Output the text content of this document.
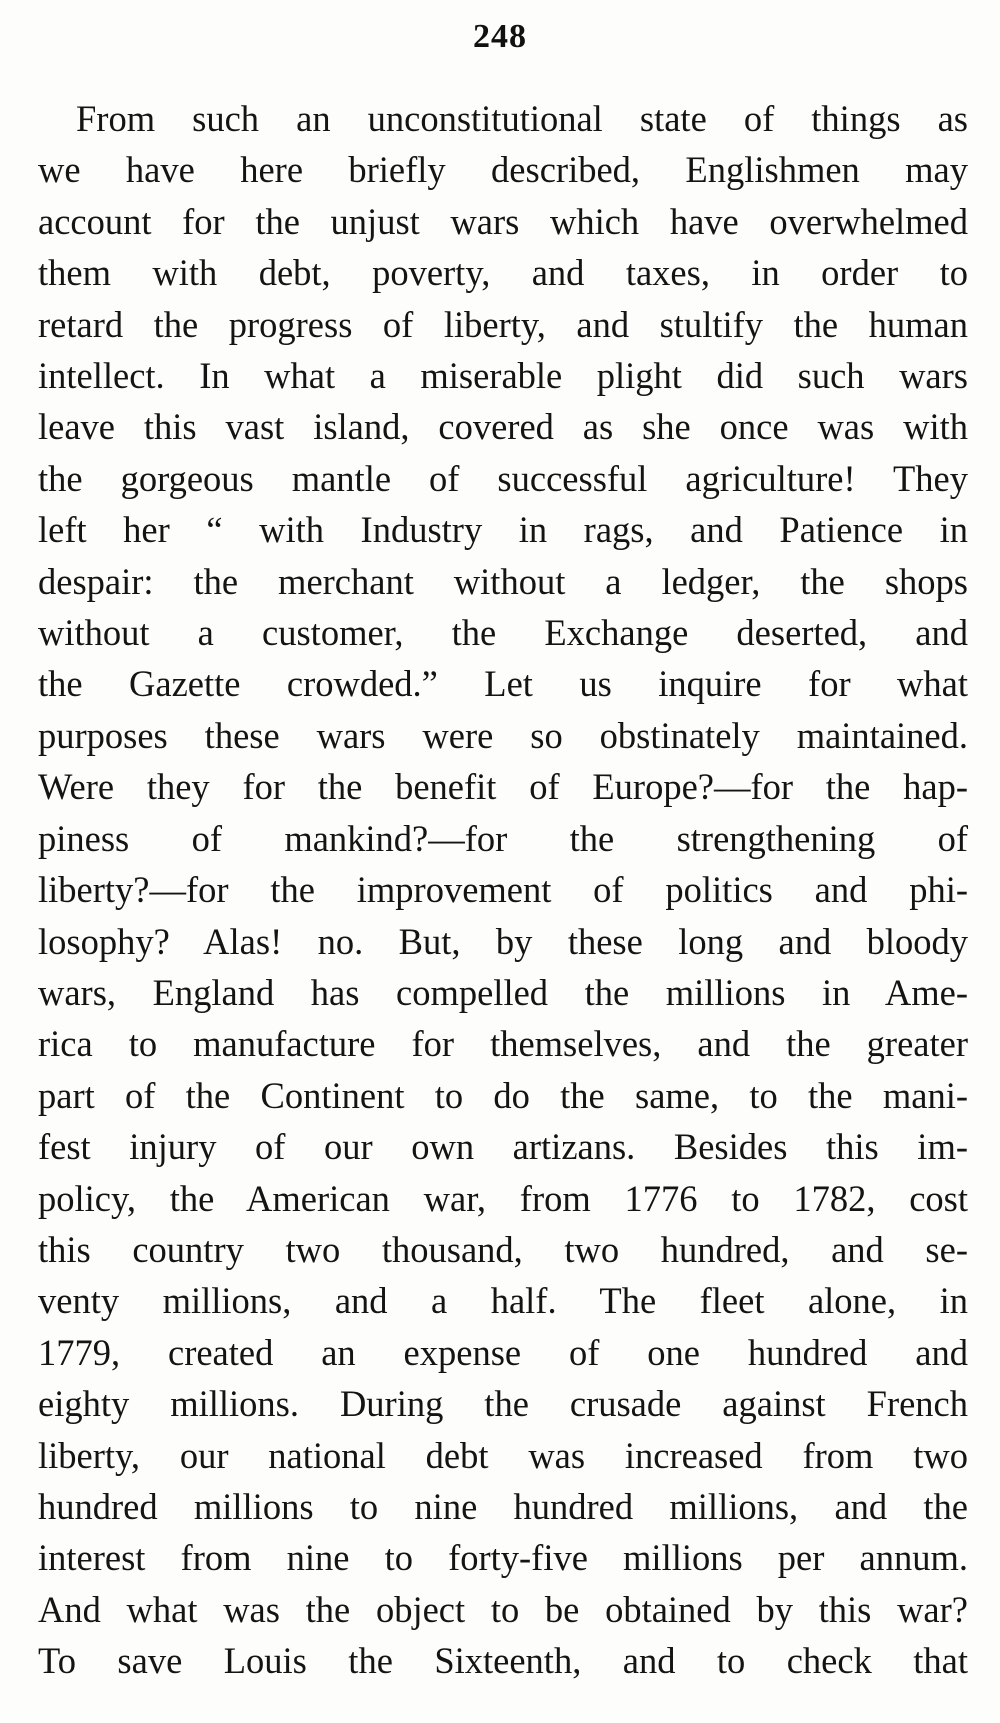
248
From such an unconstitutional state of things as
we have here briefly described, Englishmen may
account for the unjust wars which have overwhelmed
them with debt, poverty, and taxes, in order to
retard the progress of liberty, and stultify the human
intellect. In what a miserable plight did such wars
leave this vast island, covered as she once was with
the gorgeous mantle of successful agriculture! They
left her “ with Industry in rags, and Patience in
despair: the merchant without a ledger, the shops
without a customer, the Exchange deserted, and
the Gazette crowded.” Let us inquire for what
purposes these wars were so obstinately maintained.
Were they for the benefit of Europe?—for the hap-
piness of mankind?—for the strengthening of
liberty?—for the improvement of politics and phi-
losophy? Alas! no. But, by these long and bloody
wars, England has compelled the millions in Ame-
rica to manufacture for themselves, and the greater
part of the Continent to do the same, to the mani-
fest injury of our own artizans. Besides this im-
policy, the American war, from 1776 to 1782, cost
this country two thousand, two hundred, and se-
venty millions, and a half. The fleet alone, in
1779, created an expense of one hundred and
eighty millions. During the crusade against French
liberty, our national debt was increased from two
hundred millions to nine hundred millions, and the
interest from nine to forty-five millions per annum.
And what was the object to be obtained by this war?
To save Louis the Sixteenth, and to check that
